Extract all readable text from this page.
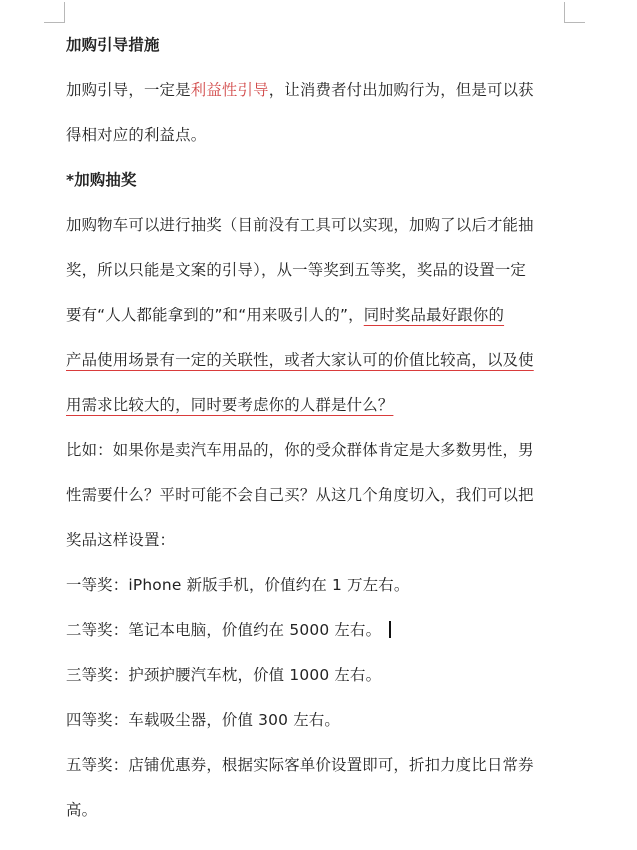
加购引导措施
加购引导，一定是利益性引导，让消费者付出加购行为，但是可以获
得相对应的利益点。
*加购抽奖
加购物车可以进行抽奖（目前没有工具可以实现，加购了以后才能抽
奖，所以只能是文案的引导），从一等奖到五等奖，奖品的设置一定
要有“人人都能拿到的”和“用来吸引人的”，同时奖品最好跟你的
产品使用场景有一定的关联性，或者大家认可的价值比较高，以及使
用需求比较大的，同时要考虑你的人群是什么？
比如：如果你是卖汽车用品的，你的受众群体肯定是大多数男性，男
性需要什么？平时可能不会自己买？从这几个角度切入，我们可以把
奖品这样设置：
一等奖：iPhone 新版手机，价值约在 1 万左右。
二等奖：笔记本电脑，价值约在 5000 左右。
三等奖：护颈护腰汽车枕，价值 1000 左右。
四等奖：车载吸尘器，价值 300 左右。
五等奖：店铺优惠券，根据实际客单价设置即可，折扣力度比日常券
高。
